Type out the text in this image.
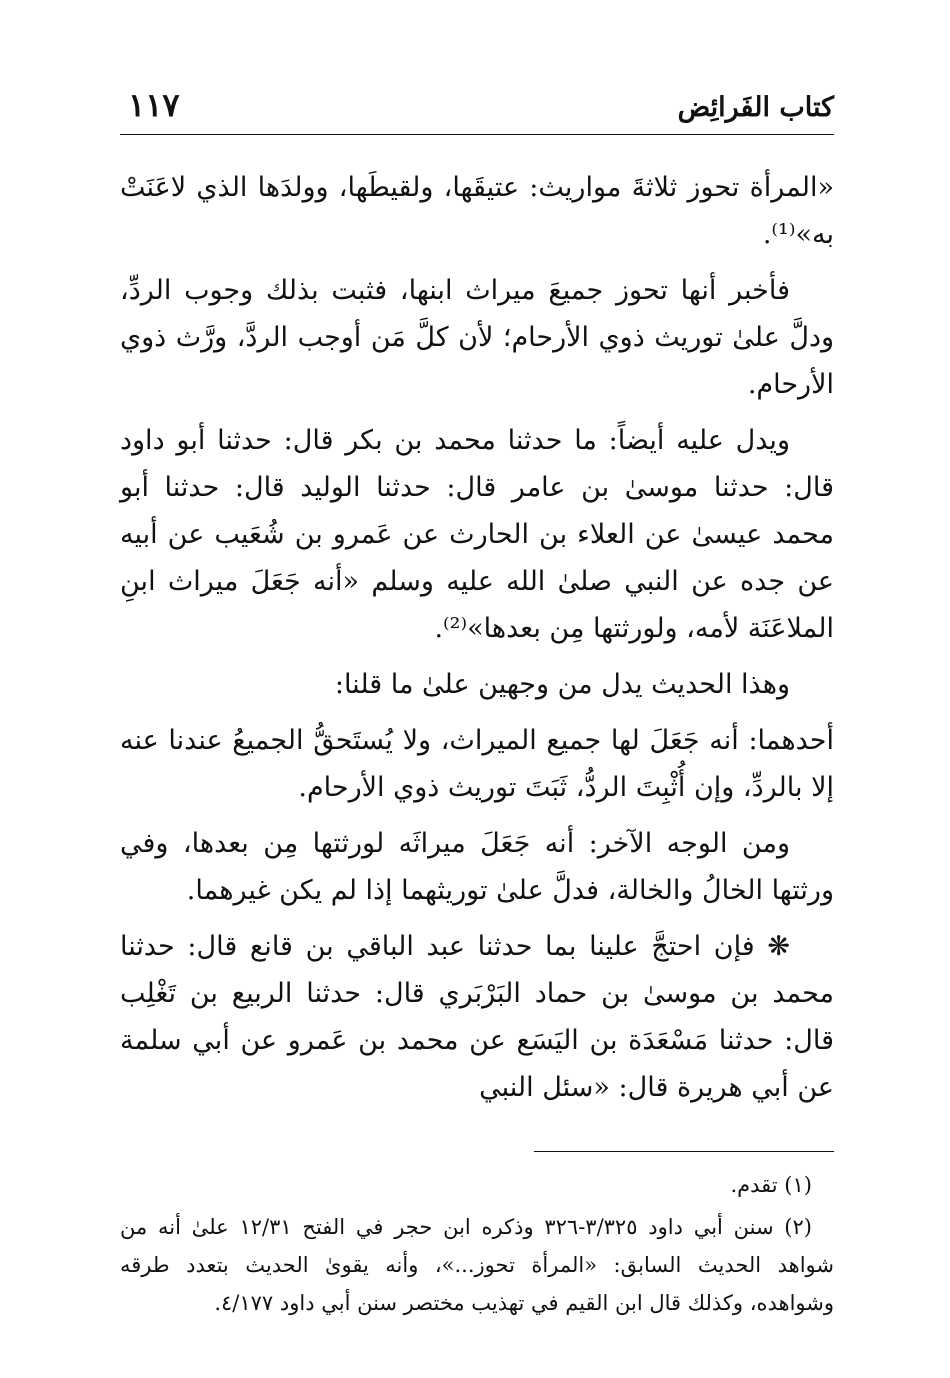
كتاب الفَرائِض
١١٧

«المرأة تحوز ثلاثةَ مواريث: عتيقَها، ولقيطَها، وولدَها الذي لاعَنَتْ به»⁽¹⁾.

فأخبر أنها تحوز جميعَ ميراث ابنها، فثبت بذلك وجوب الردِّ، ودلَّ علىٰ توريث ذوي الأرحام؛ لأن كلَّ مَن أوجب الردَّ، ورَّث ذوي الأرحام.

ويدل عليه أيضاً: ما حدثنا محمد بن بكر قال: حدثنا أبو داود قال: حدثنا موسىٰ بن عامر قال: حدثنا الوليد قال: حدثنا أبو محمد عيسىٰ عن العلاء بن الحارث عن عَمرو بن شُعَيب عن أبيه عن جده عن النبي صلىٰ الله عليه وسلم «أنه جَعَلَ ميراث ابنِ الملاعَنَة لأمه، ولورثتها مِن بعدها»⁽²⁾.

وهذا الحديث يدل من وجهين علىٰ ما قلنا:

أحدهما: أنه جَعَلَ لها جميع الميراث، ولا يُستَحقُّ الجميعُ عندنا عنه إلا بالردِّ، وإن أُثْبِتَ الردُّ، ثَبَتَ توريث ذوي الأرحام.

ومن الوجه الآخر: أنه جَعَلَ ميراثَه لورثتها مِن بعدها، وفي ورثتها الخالُ والخالة، فدلَّ علىٰ توريثهما إذا لم يكن غيرهما.

❋ فإن احتجَّ علينا بما حدثنا عبد الباقي بن قانع قال: حدثنا محمد بن موسىٰ بن حماد البَرْبَري قال: حدثنا الربيع بن تَغْلِب قال: حدثنا مَسْعَدَة بن اليَسَع عن محمد بن عَمرو عن أبي سلمة عن أبي هريرة قال: «سئل النبي

(١) تقدم.

(٢) سنن أبي داود ٣/٣٢٥-٣٢٦ وذكره ابن حجر في الفتح ١٢/٣١ علىٰ أنه من شواهد الحديث السابق: «المرأة تحوز...»، وأنه يقوىٰ الحديث بتعدد طرقه وشواهده، وكذلك قال ابن القيم في تهذيب مختصر سنن أبي داود ٤/١٧٧.
